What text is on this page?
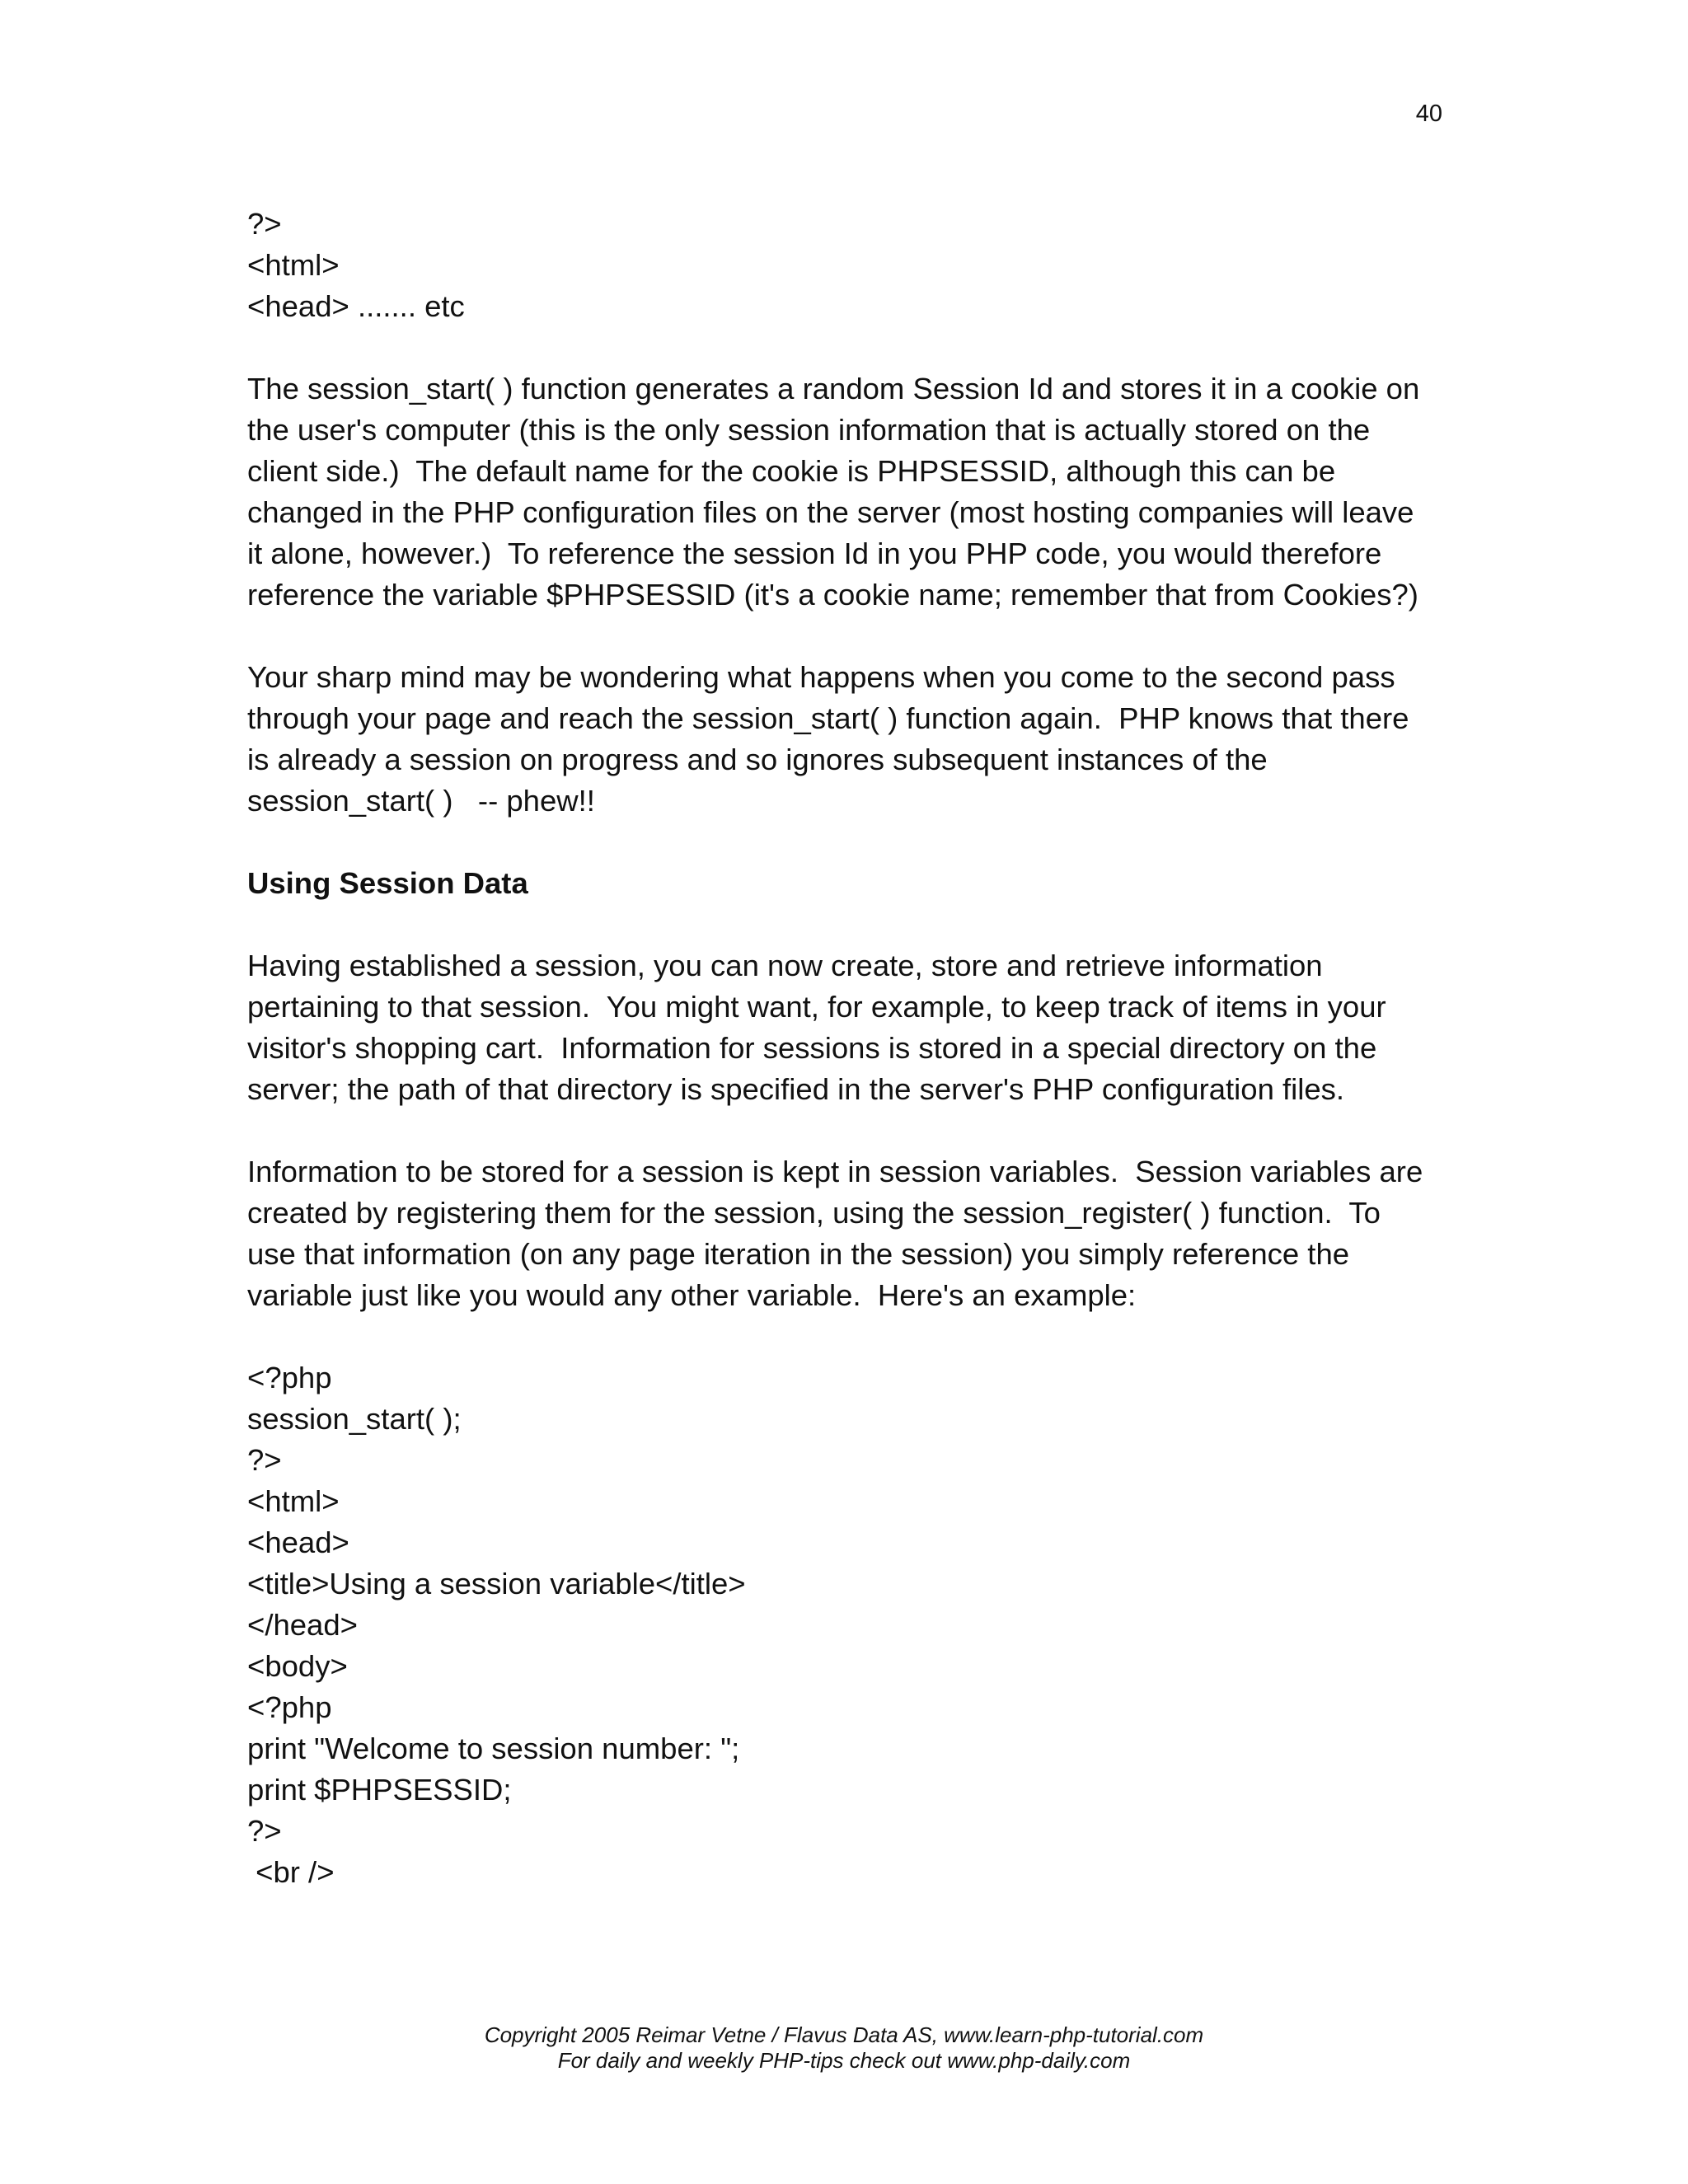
40
?>
<html>
<head> ....... etc
The session_start( ) function generates a random Session Id and stores it in a cookie on
the user's computer (this is the only session information that is actually stored on the
client side.)  The default name for the cookie is PHPSESSID, although this can be
changed in the PHP configuration files on the server (most hosting companies will leave
it alone, however.)  To reference the session Id in you PHP code, you would therefore
reference the variable $PHPSESSID (it's a cookie name; remember that from Cookies?)
Your sharp mind may be wondering what happens when you come to the second pass
through your page and reach the session_start( ) function again.  PHP knows that there
is already a session on progress and so ignores subsequent instances of the
session_start( )   -- phew!!
Using Session Data
Having established a session, you can now create, store and retrieve information
pertaining to that session.  You might want, for example, to keep track of items in your
visitor's shopping cart.  Information for sessions is stored in a special directory on the
server; the path of that directory is specified in the server's PHP configuration files.
Information to be stored for a session is kept in session variables.  Session variables are
created by registering them for the session, using the session_register( ) function.  To
use that information (on any page iteration in the session) you simply reference the
variable just like you would any other variable.  Here's an example:
<?php
session_start( );
?>
<html>
<head>
<title>Using a session variable</title>
</head>
<body>
<?php
print "Welcome to session number: ";
print $PHPSESSID;
?>
<br />
Copyright 2005 Reimar Vetne / Flavus Data AS, www.learn-php-tutorial.com
For daily and weekly PHP-tips check out www.php-daily.com
